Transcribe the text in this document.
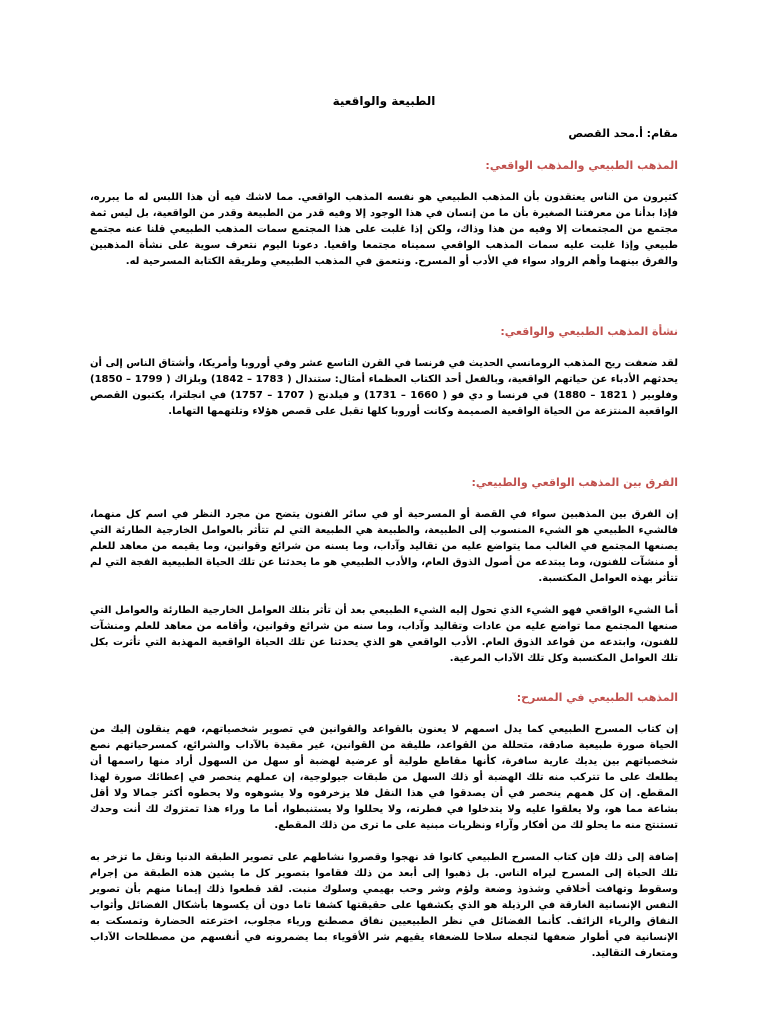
الطبيعة والواقعية

مقام: أ.محد القصص

المذهب الطبيعي والمذهب الواقعي:

كثيرون من الناس يعتقدون بأن المذهب الطبيعي هو نفسه المذهب الواقعي. مما لاشك فيه أن هذا اللبس له ما يبرره، فإذا بدأنا من معرفتنا الصغيرة بأن ما من إنسان في هذا الوجود إلا وفيه قدر من الطبيعة وقدر من الواقعية، بل ليس ثمة مجتمع من المجتمعات إلا وفيه من هذا وذاك، ولكن إذا غلبت على هذا المجتمع سمات المذهب الطبيعي قلنا عنه مجتمع طبيعي وإذا غلبت عليه سمات المذهب الواقعي سميناه مجتمعا واقعيا. دعونا اليوم نتعرف سوية على نشأة المذهبين والفرق بينهما وأهم الرواد سواء في الأدب أو المسرح. ونتعمق في المذهب الطبيعي وطريقة الكتابة المسرحية له.

نشأة المذهب الطبيعي والواقعي:

لقد ضعفت ريح المذهب الرومانسي الحديث في فرنسا في القرن التاسع عشر وفي أوروبا وأمريكا، وأشتاق الناس إلى أن يحدثهم الأدباء عن حياتهم الواقعية، وبالفعل أحد الكتاب العظماء أمثال: ستندال ( 1783 – 1842) وبلزاك ( 1799 – 1850) وفلوبير ( 1821 – 1880) في فرنسا و دي فو ( 1660 – 1731) و فيلدنج ( 1707 – 1757) في انجلترا، يكتبون القصص الواقعية المنتزعة من الحياة الواقعية الصميمة وكانت أوروبا كلها تقبل على قصص هؤلاء وتلتهمها التهاما.

الفرق بين المذهب الواقعي والطبيعي:

إن الفرق بين المذهبين سواء في القصة أو المسرحية أو في سائر الفنون يتضح من مجرد النظر في اسم كل منهما، فالشيء الطبيعي هو الشيء المنسوب إلى الطبيعة، والطبيعة هي الطبيعة التي لم تتأثر بالعوامل الخارجية الطارئة التي يصنعها المجتمع في الغالب مما يتواضع عليه من تقاليد وآداب، وما يسنه من شرائع وقوانين، وما يقيمه من معاهد للعلم أو منشآت للفنون، وما يبتدعه من أصول الذوق العام، والأدب الطبيعي هو ما يحدثنا عن تلك الحياة الطبيعية الفجة التي لم تتأثر بهذه العوامل المكتسبة.

أما الشيء الواقعي فهو الشيء الذي تحول إليه الشيء الطبيعي بعد أن تأثر بتلك العوامل الخارجية الطارئة والعوامل التي صنعها المجتمع مما تواضع عليه من عادات وتقاليد وآداب، وما سنه من شرائع وقوانين، وأقامه من معاهد للعلم ومنشآت للفنون، وابتدعه من قواعد الذوق العام. الأدب الواقعي هو الذي يحدثنا عن تلك الحياة الواقعية المهذبة التي تأثرت بكل تلك العوامل المكتسبة وكل تلك الآداب المرعية.

المذهب الطبيعي في المسرح:

إن كتاب المسرح الطبيعي كما يدل اسمهم لا يعنون بالقواعد والقوانين في تصوير شخصياتهم، فهم ينقلون إليك من الحياة صورة طبيعية صادقة، متحللة من القواعد، طليقة من القوانين، غير مقيدة بالآداب والشرائع، كمسرحياتهم نصع شخصياتهم بين يديك عارية سافرة، كأنها مقاطع طولية أو عرضية لهضبة أو سهل من السهول أراد منها راسمها أن يطلعك على ما تتركب منه تلك الهضبة أو ذلك السهل من طبقات جيولوجية، إن عملهم ينحصر في إعطائك صورة لهذا المقطع. إن كل همهم ينحصر في أن يصدقوا في هذا النقل فلا يزخرفوه ولا يشوهوه ولا يحطوه أكثر جمالا ولا أقل بشاعة مما هو، ولا يعلقوا عليه ولا يتدخلوا في فطرته، ولا يحللوا ولا يستنبطوا، أما ما وراء هذا تمتزوك لك أنت وحدك تستنتج منه ما يحلو لك من أفكار وآراء ونظريات مبنية على ما ترى من ذلك المقطع.

إضافة إلى ذلك فإن كتاب المسرح الطبيعي كانوا قد نهجوا وقصروا نشاطهم على تصوير الطبقة الدنيا ونقل ما تزخر به تلك الحياة إلى المسرح ليراه الناس. بل ذهبوا إلى أبعد من ذلك فقاموا بتصوير كل ما يشين هذه الطبقة من إجرام وسقوط وتهافت أخلاقي وشذوذ وضعة ولؤم وشر وحب بهيمي وسلوك منبت. لقد قطعوا ذلك إيمانا منهم بأن تصوير النفس الإنسانية الغارقة في الرذيلة هو الذي يكشفها على حقيقتها كشفا تاما دون أن يكسوها بأشكال الفضائل وأثواب النفاق والرياء الزائف. كأنما الفضائل في نظر الطبيعيين نفاق مصطنع ورياء مجلوب، اخترعته الحضارة وتمسكت به الإنسانية في أطوار ضعفها لتجعله سلاحا للضعفاء يقيهم شر الأقوياء بما يضمرونه في أنفسهم من مصطلحات الآداب ومتعارف التقاليد.
